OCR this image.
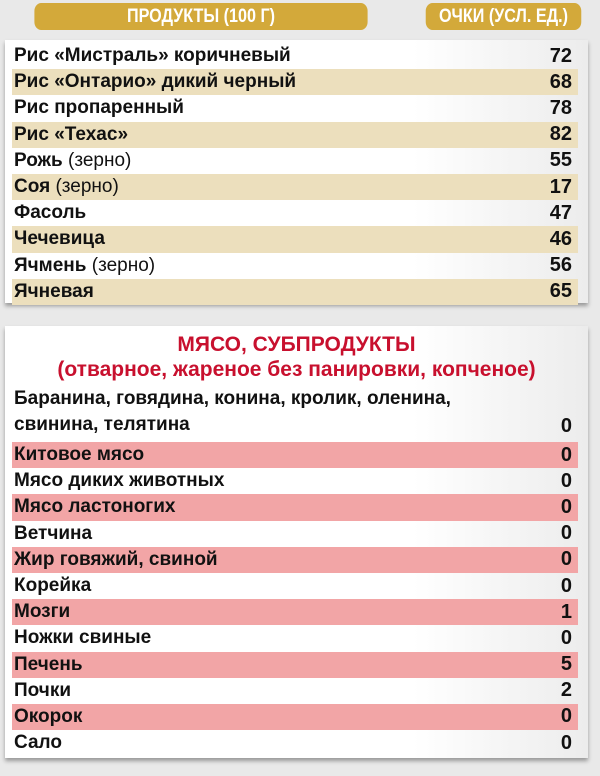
ПРОДУКТЫ (100 Г)	ОЧКИ (УСЛ. ЕД.)
Рис «Мистраль» коричневый	72
Рис «Онтарио» дикий черный	68
Рис пропаренный	78
Рис «Техас»	82
Рожь (зерно)	55
Соя (зерно)	17
Фасоль	47
Чечевица	46
Ячмень (зерно)	56
Ячневая	65
МЯСО, СУБПРОДУКТЫ
(отварное, жареное без панировки, копченое)
Баранина, говядина, конина, кролик, оленина,
свинина, телятина	0
Китовое мясо	0
Мясо диких животных	0
Мясо ластоногих	0
Ветчина	0
Жир говяжий, свиной	0
Корейка	0
Мозги	1
Ножки свиные	0
Печень	5
Почки	2
Окорок	0
Сало	0
